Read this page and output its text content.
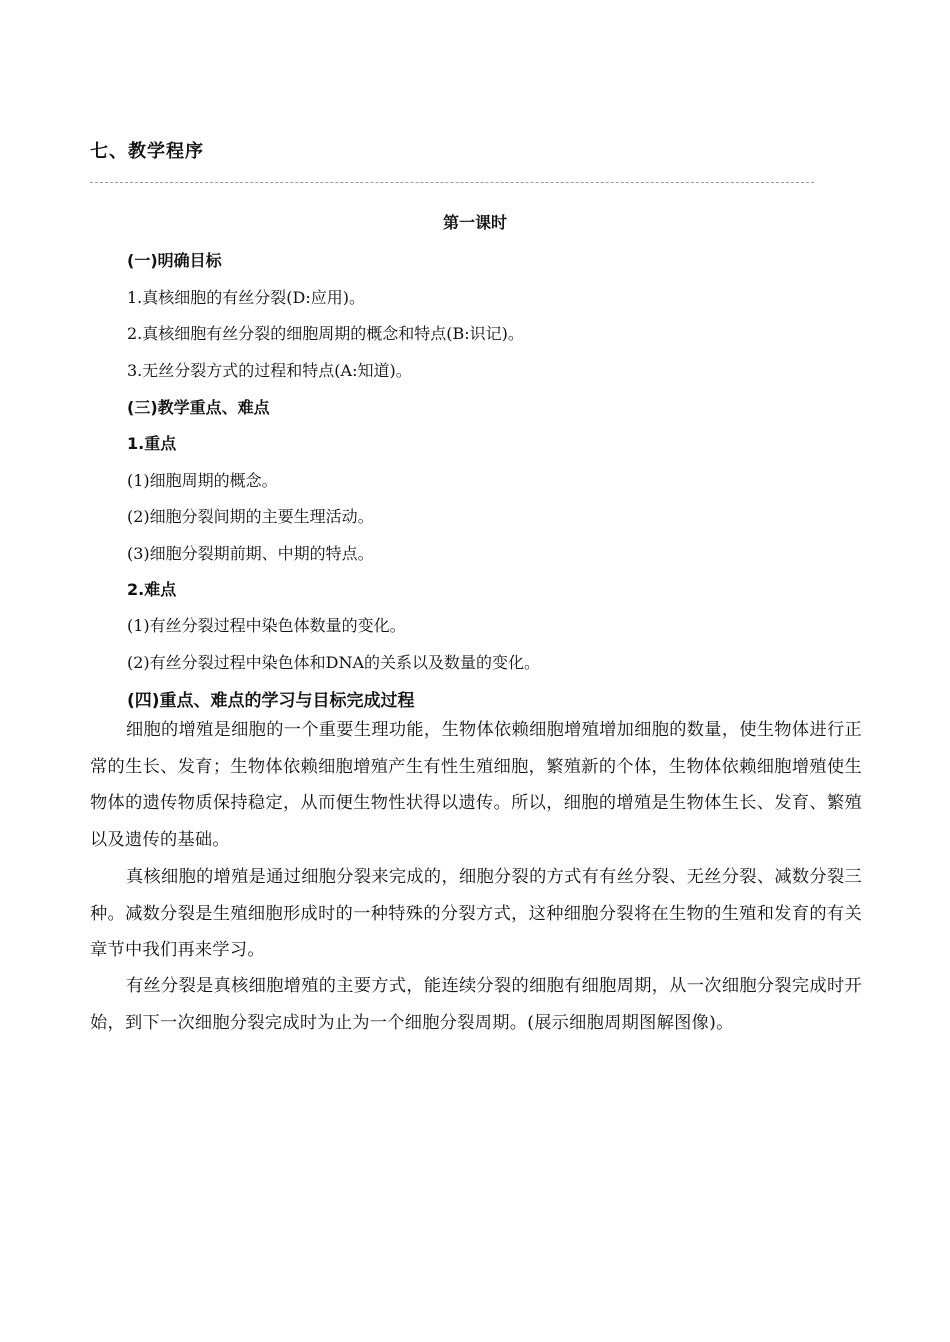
七、教学程序
第一课时
(一)明确目标
1.真核细胞的有丝分裂(D:应用)。
2.真核细胞有丝分裂的细胞周期的概念和特点(B:识记)。
3.无丝分裂方式的过程和特点(A:知道)。
(三)教学重点、难点
1.重点
(1)细胞周期的概念。
(2)细胞分裂间期的主要生理活动。
(3)细胞分裂期前期、中期的特点。
2.难点
(1)有丝分裂过程中染色体数量的变化。
(2)有丝分裂过程中染色体和DNA的关系以及数量的变化。
(四)重点、难点的学习与目标完成过程
细胞的增殖是细胞的一个重要生理功能，生物体依赖细胞增殖增加细胞的数量，使生物体进行正常的生长、发育；生物体依赖细胞增殖产生有性生殖细胞，繁殖新的个体，生物体依赖细胞增殖使生物体的遗传物质保持稳定，从而便生物性状得以遗传。所以，细胞的增殖是生物体生长、发育、繁殖以及遗传的基础。
真核细胞的增殖是通过细胞分裂来完成的，细胞分裂的方式有有丝分裂、无丝分裂、减数分裂三种。减数分裂是生殖细胞形成时的一种特殊的分裂方式，这种细胞分裂将在生物的生殖和发育的有关章节中我们再来学习。
有丝分裂是真核细胞增殖的主要方式，能连续分裂的细胞有细胞周期，从一次细胞分裂完成时开始，到下一次细胞分裂完成时为止为一个细胞分裂周期。(展示细胞周期图解图像)。
